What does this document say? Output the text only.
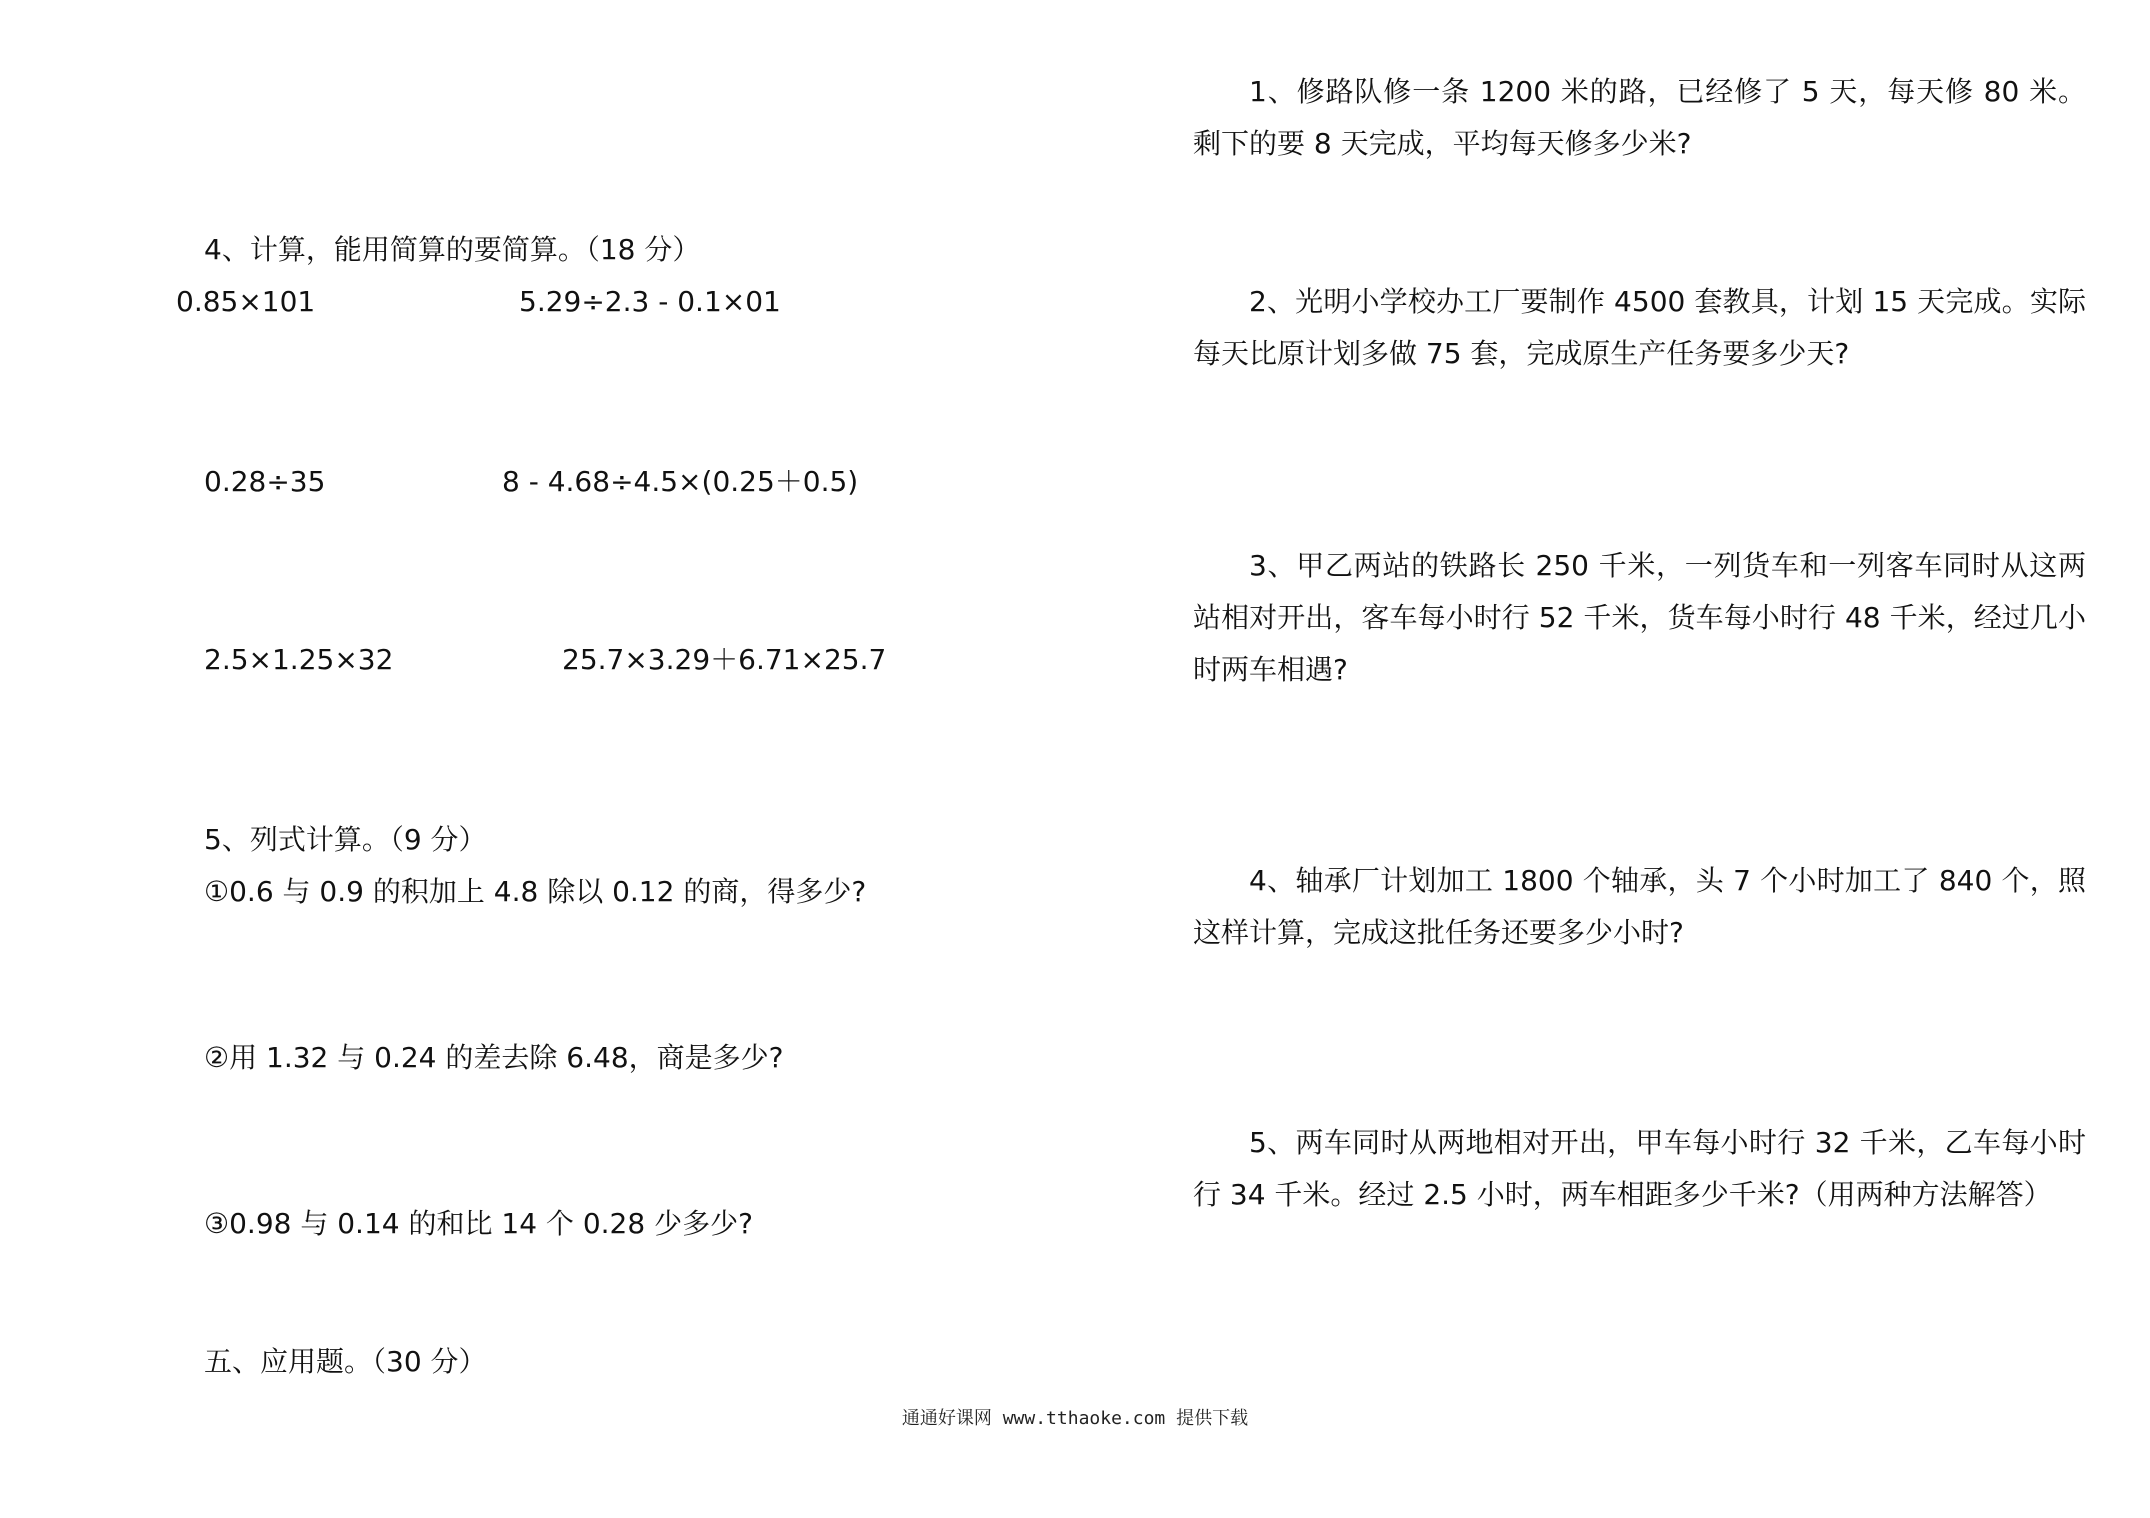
4、计算，能用简算的要简算。（18 分）
0.85×101	5.29÷2.3 - 0.1×01
0.28÷35	8 - 4.68÷4.5×(0.25＋0.5)
2.5×1.25×32	25.7×3.29＋6.71×25.7
5、列式计算。（9 分）
①0.6 与 0.9 的积加上 4.8 除以 0.12 的商，得多少?
②用 1.32 与 0.24 的差去除 6.48，商是多少?
③0.98 与 0.14 的和比 14 个 0.28 少多少?
五、应用题。（30 分）

1、修路队修一条 1200 米的路，已经修了 5 天，每天修 80 米。剩下的要 8 天完成，平均每天修多少米?

2、光明小学校办工厂要制作 4500 套教具，计划 15 天完成。实际每天比原计划多做 75 套，完成原生产任务要多少天?

3、甲乙两站的铁路长 250 千米，一列货车和一列客车同时从这两站相对开出，客车每小时行 52 千米，货车每小时行 48 千米，经过几小时两车相遇?

4、轴承厂计划加工 1800 个轴承，头 7 个小时加工了 840 个，照这样计算，完成这批任务还要多少小时?

5、两车同时从两地相对开出，甲车每小时行 32 千米，乙车每小时行 34 千米。经过 2.5 小时，两车相距多少千米?（用两种方法解答）

通通好课网 www.tthaoke.com 提供下载
